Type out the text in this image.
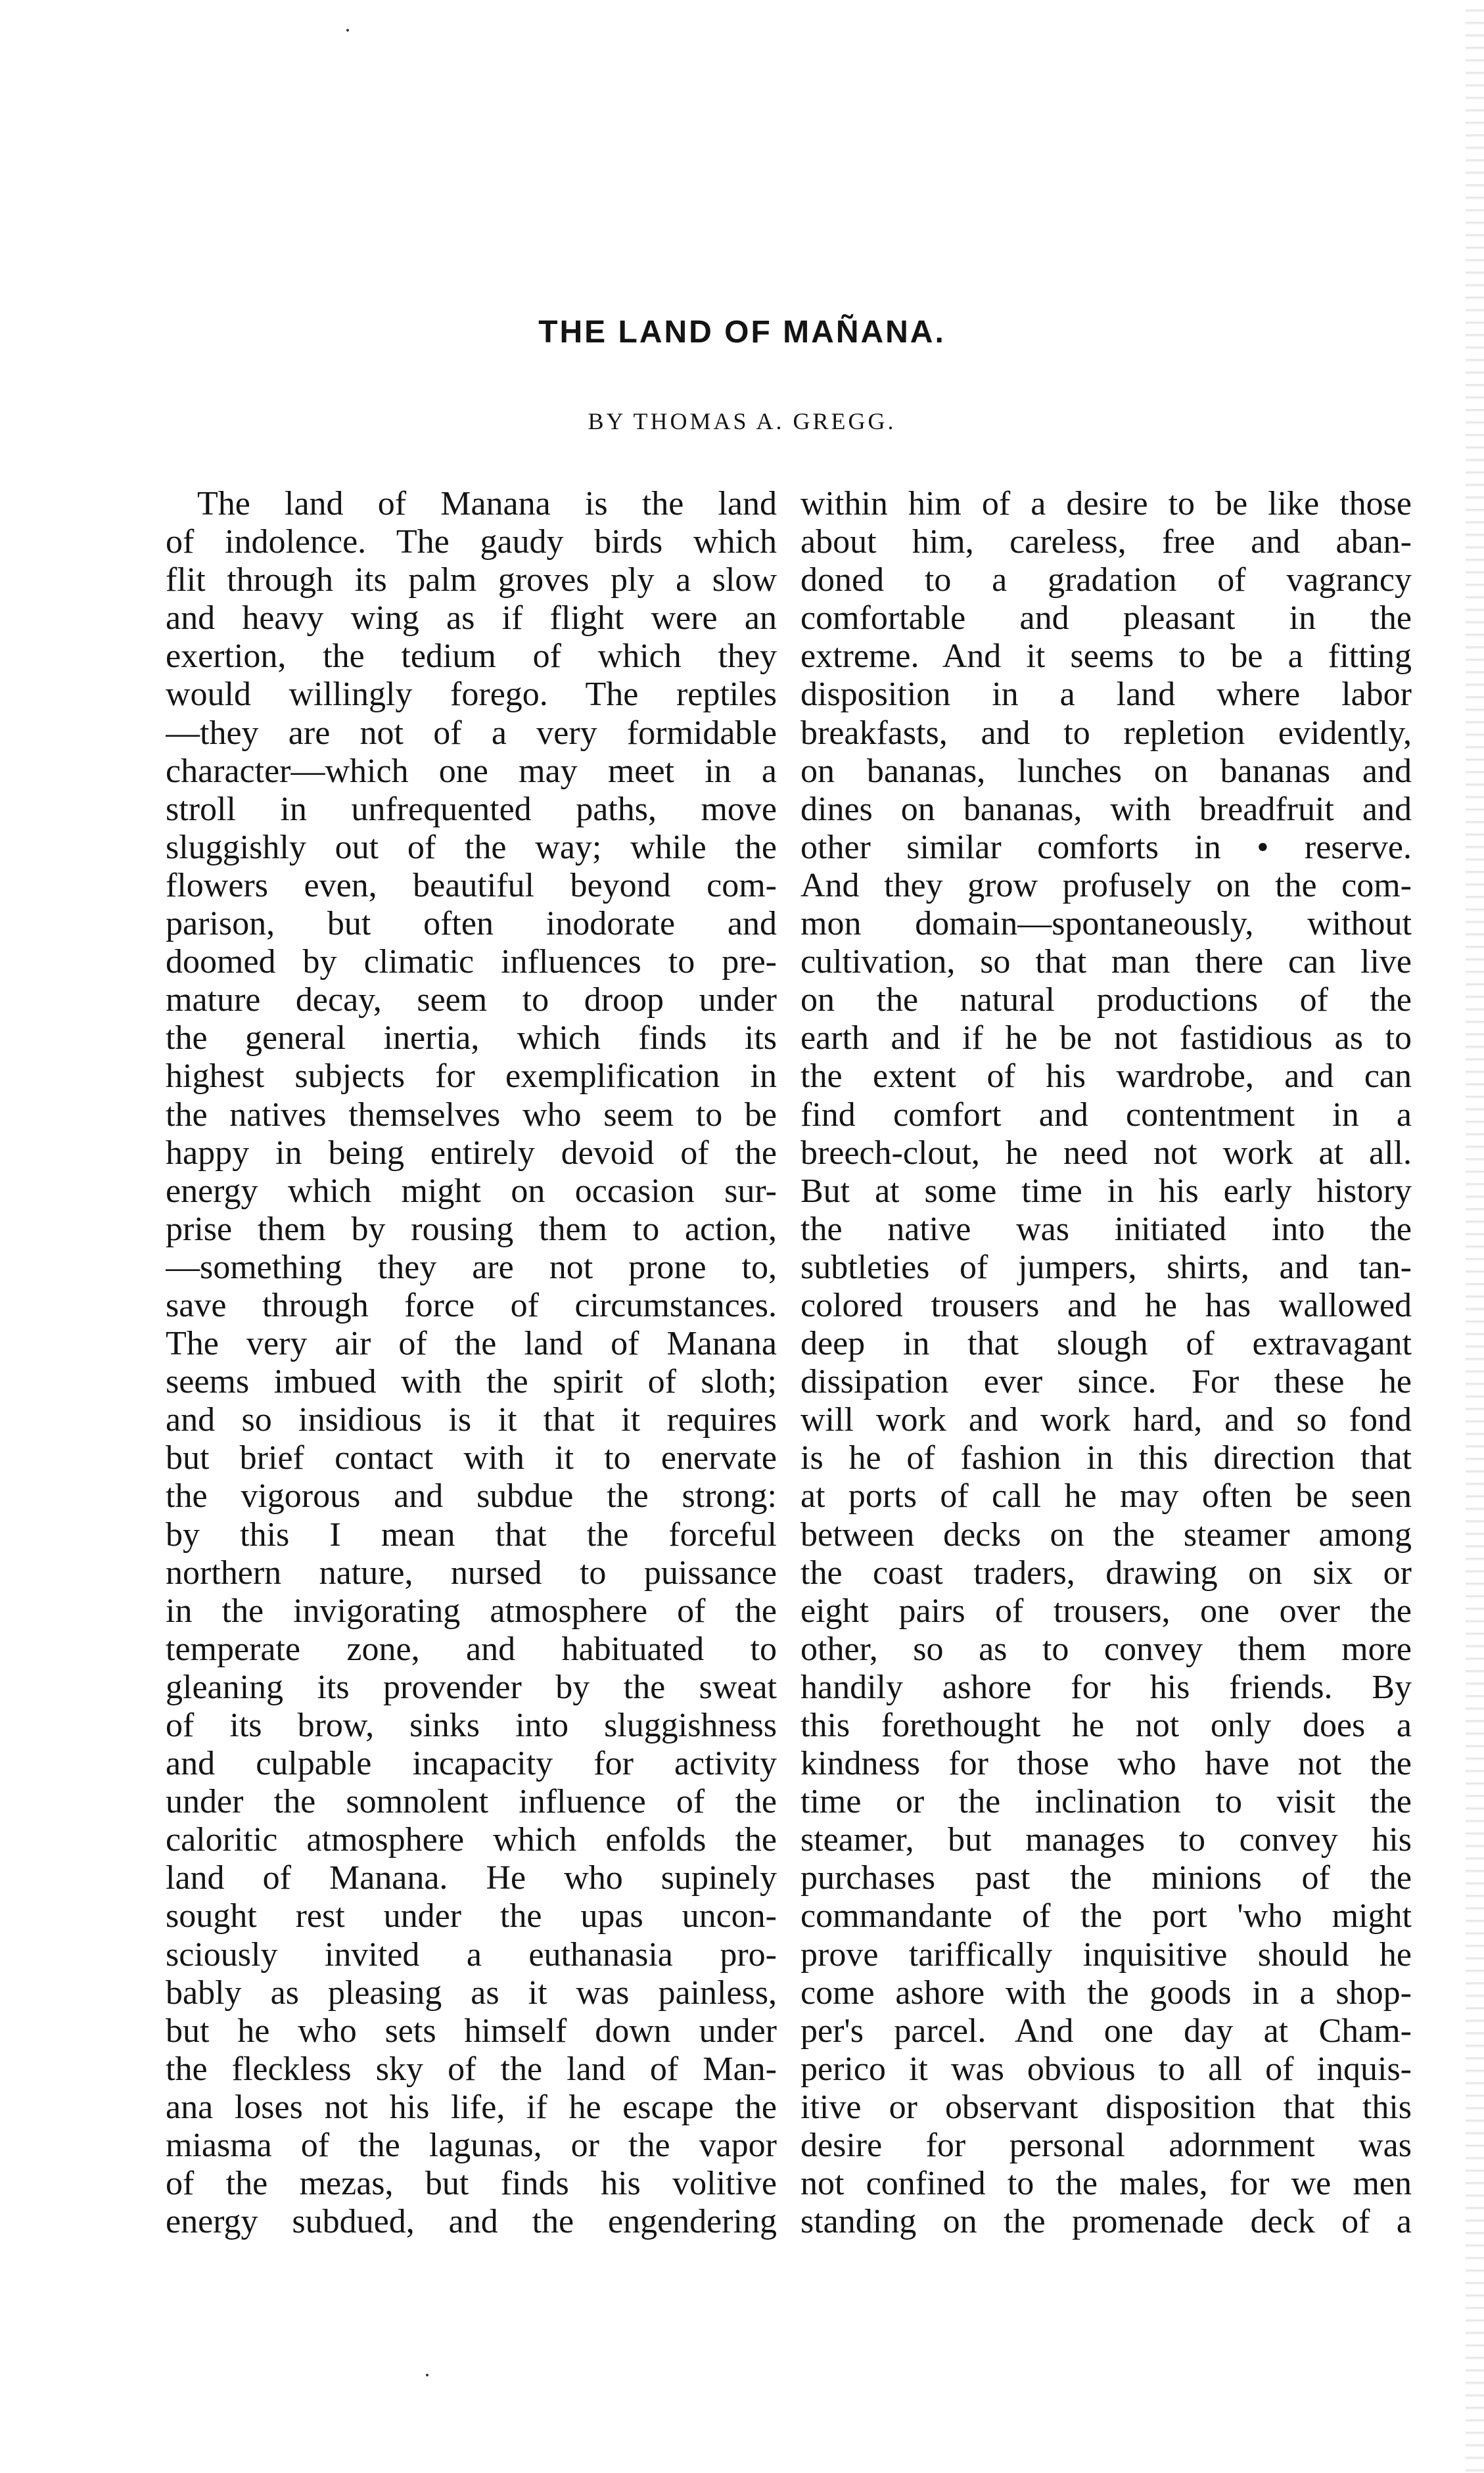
THE LAND OF MAÑANA.

BY THOMAS A. GREGG.

The land of Manana is the land
of indolence. The gaudy birds which
flit through its palm groves ply a slow
and heavy wing as if flight were an
exertion, the tedium of which they
would willingly forego. The reptiles
—they are not of a very formidable
character—which one may meet in a
stroll in unfrequented paths, move
sluggishly out of the way; while the
flowers even, beautiful beyond com-
parison, but often inodorate and
doomed by climatic influences to pre-
mature decay, seem to droop under
the general inertia, which finds its
highest subjects for exemplification in
the natives themselves who seem to be
happy in being entirely devoid of the
energy which might on occasion sur-
prise them by rousing them to action,
—something they are not prone to,
save through force of circumstances.
The very air of the land of Manana
seems imbued with the spirit of sloth;
and so insidious is it that it requires
but brief contact with it to enervate
the vigorous and subdue the strong:
by this I mean that the forceful
northern nature, nursed to puissance
in the invigorating atmosphere of the
temperate zone, and habituated to
gleaning its provender by the sweat
of its brow, sinks into sluggishness
and culpable incapacity for activity
under the somnolent influence of the
caloritic atmosphere which enfolds the
land of Manana. He who supinely
sought rest under the upas uncon-
sciously invited a euthanasia pro-
bably as pleasing as it was painless,
but he who sets himself down under
the fleckless sky of the land of Man-
ana loses not his life, if he escape the
miasma of the lagunas, or the vapor
of the mezas, but finds his volitive
energy subdued, and the engendering
within him of a desire to be like those
about him, careless, free and aban-
doned to a gradation of vagrancy
comfortable and pleasant in the
extreme. And it seems to be a fitting
disposition in a land where labor
breakfasts, and to repletion evidently,
on bananas, lunches on bananas and
dines on bananas, with breadfruit and
other similar comforts in • reserve.
And they grow profusely on the com-
mon domain—spontaneously, without
cultivation, so that man there can live
on the natural productions of the
earth and if he be not fastidious as to
the extent of his wardrobe, and can
find comfort and contentment in a
breech-clout, he need not work at all.
But at some time in his early history
the native was initiated into the
subtleties of jumpers, shirts, and tan-
colored trousers and he has wallowed
deep in that slough of extravagant
dissipation ever since. For these he
will work and work hard, and so fond
is he of fashion in this direction that
at ports of call he may often be seen
between decks on the steamer among
the coast traders, drawing on six or
eight pairs of trousers, one over the
other, so as to convey them more
handily ashore for his friends. By
this forethought he not only does a
kindness for those who have not the
time or the inclination to visit the
steamer, but manages to convey his
purchases past the minions of the
commandante of the port 'who might
prove tariffically inquisitive should he
come ashore with the goods in a shop-
per's parcel. And one day at Cham-
perico it was obvious to all of inquis-
itive or observant disposition that this
desire for personal adornment was
not confined to the males, for we men
standing on the promenade deck of a
